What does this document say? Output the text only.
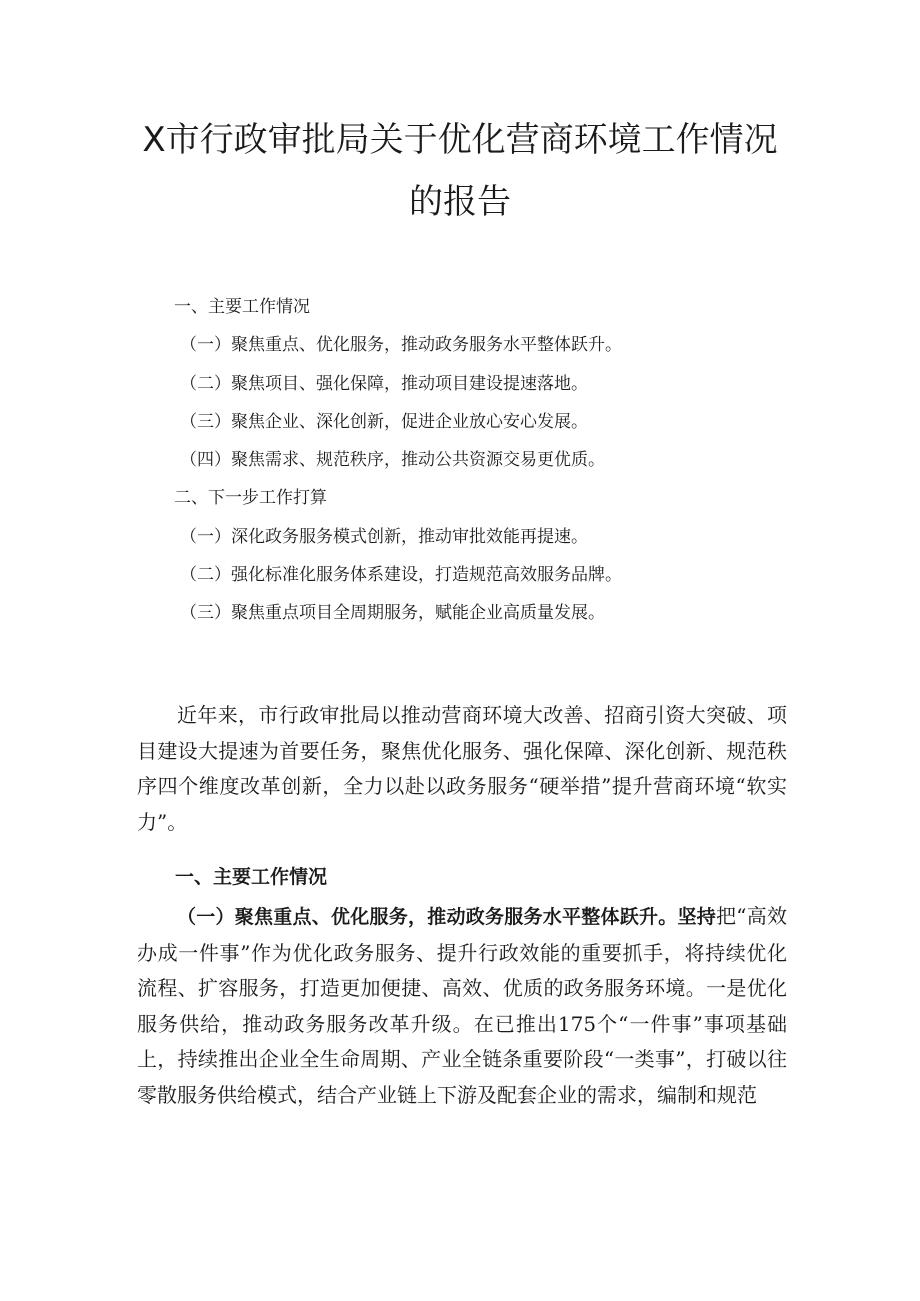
X市行政审批局关于优化营商环境工作情况
的报告
一、主要工作情况
（一）聚焦重点、优化服务，推动政务服务水平整体跃升。
（二）聚焦项目、强化保障，推动项目建设提速落地。
（三）聚焦企业、深化创新，促进企业放心安心发展。
（四）聚焦需求、规范秩序，推动公共资源交易更优质。
二、下一步工作打算
（一）深化政务服务模式创新，推动审批效能再提速。
（二）强化标准化服务体系建设，打造规范高效服务品牌。
（三）聚焦重点项目全周期服务，赋能企业高质量发展。

近年来，市行政审批局以推动营商环境大改善、招商引资大突破、项目建设大提速为首要任务，聚焦优化服务、强化保障、深化创新、规范秩序四个维度改革创新，全力以赴以政务服务“硬举措”提升营商环境“软实力”。

一、主要工作情况

（一）聚焦重点、优化服务，推动政务服务水平整体跃升。坚持把“高效办成一件事”作为优化政务服务、提升行政效能的重要抓手，将持续优化流程、扩容服务，打造更加便捷、高效、优质的政务服务环境。一是优化服务供给，推动政务服务改革升级。在已推出175个“一件事”事项基础上，持续推出企业全生命周期、产业全链条重要阶段“一类事”，打破以往零散服务供给模式，结合产业链上下游及配套企业的需求，编制和规范
